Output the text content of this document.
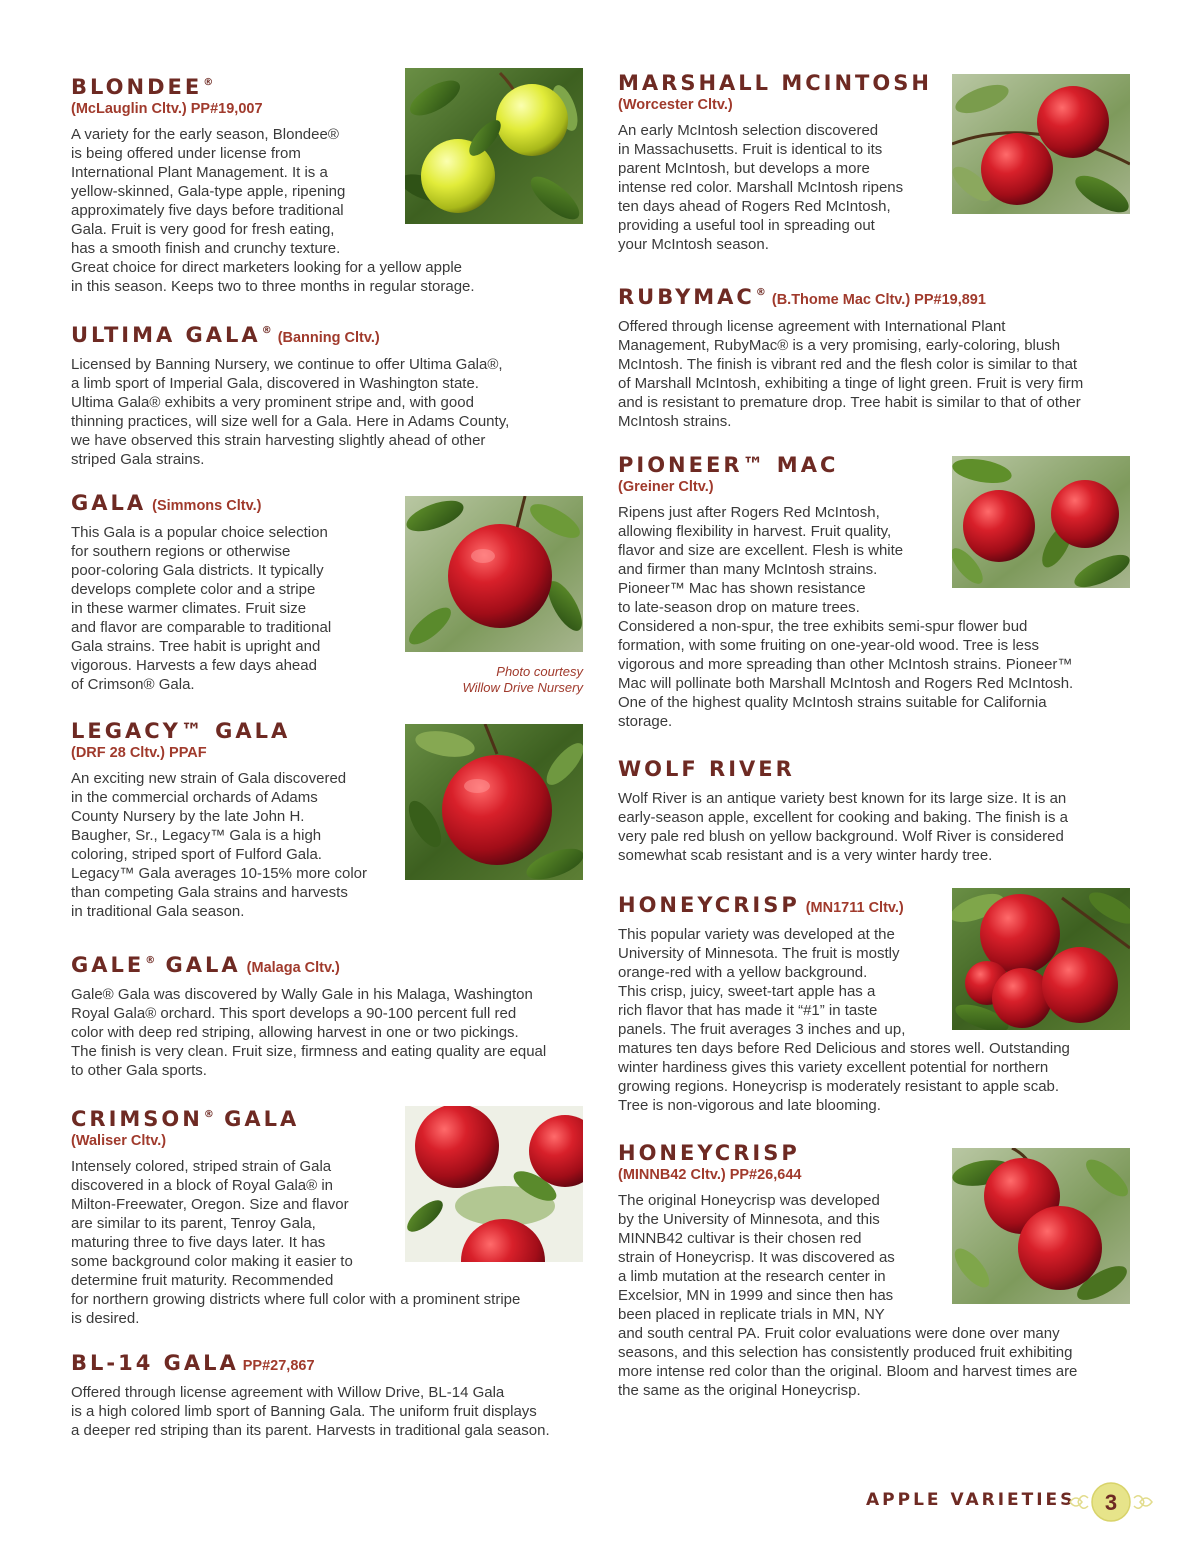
BLONDEE®
(McLauglin Cltv.) PP#19,007
A variety for the early season, Blondee®
is being offered under license from
International Plant Management. It is a
yellow-skinned, Gala-type apple, ripening
approximately five days before traditional
Gala. Fruit is very good for fresh eating,
has a smooth finish and crunchy texture.
Great choice for direct marketers looking for a yellow apple
in this season. Keeps two to three months in regular storage.
ULTIMA GALA® (Banning Cltv.)
Licensed by Banning Nursery, we continue to offer Ultima Gala®,
a limb sport of Imperial Gala, discovered in Washington state.
Ultima Gala® exhibits a very prominent stripe and, with good
thinning practices, will size well for a Gala. Here in Adams County,
we have observed this strain harvesting slightly ahead of other
striped Gala strains.
GALA (Simmons Cltv.)
This Gala is a popular choice selection
for southern regions or otherwise
poor-coloring Gala districts. It typically
develops complete color and a stripe
in these warmer climates. Fruit size
and flavor are comparable to traditional
Gala strains. Tree habit is upright and
vigorous. Harvests a few days ahead
of Crimson® Gala.
Photo courtesy
Willow Drive Nursery
LEGACY™ GALA
(DRF 28 Cltv.) PPAF
An exciting new strain of Gala discovered
in the commercial orchards of Adams
County Nursery by the late John H.
Baugher, Sr., Legacy™ Gala is a high
coloring, striped sport of Fulford Gala.
Legacy™ Gala averages 10-15% more color
than competing Gala strains and harvests
in traditional Gala season.
GALE® GALA (Malaga Cltv.)
Gale® Gala was discovered by Wally Gale in his Malaga, Washington
Royal Gala® orchard. This sport develops a 90-100 percent full red
color with deep red striping, allowing harvest in one or two pickings.
The finish is very clean. Fruit size, firmness and eating quality are equal
to other Gala sports.
CRIMSON® GALA
(Waliser Cltv.)
Intensely colored, striped strain of Gala
discovered in a block of Royal Gala® in
Milton-Freewater, Oregon. Size and flavor
are similar to its parent, Tenroy Gala,
maturing three to five days later. It has
some background color making it easier to
determine fruit maturity. Recommended
for northern growing districts where full color with a prominent stripe
is desired.
BL-14 GALA PP#27,867
Offered through license agreement with Willow Drive, BL-14 Gala
is a high colored limb sport of Banning Gala. The uniform fruit displays
a deeper red striping than its parent. Harvests in traditional gala season.
MARSHALL MCINTOSH
(Worcester Cltv.)
An early McIntosh selection discovered
in Massachusetts. Fruit is identical to its
parent McIntosh, but develops a more
intense red color. Marshall McIntosh ripens
ten days ahead of Rogers Red McIntosh,
providing a useful tool in spreading out
your McIntosh season.
RUBYMAC® (B.Thome Mac Cltv.) PP#19,891
Offered through license agreement with International Plant
Management, RubyMac® is a very promising, early-coloring, blush
McIntosh. The finish is vibrant red and the flesh color is similar to that
of Marshall McIntosh, exhibiting a tinge of light green. Fruit is very firm
and is resistant to premature drop. Tree habit is similar to that of other
McIntosh strains.
PIONEER™ MAC
(Greiner Cltv.)
Ripens just after Rogers Red McIntosh,
allowing flexibility in harvest. Fruit quality,
flavor and size are excellent. Flesh is white
and firmer than many McIntosh strains.
Pioneer™ Mac has shown resistance
to late-season drop on mature trees.
Considered a non-spur, the tree exhibits semi-spur flower bud
formation, with some fruiting on one-year-old wood. Tree is less
vigorous and more spreading than other McIntosh strains. Pioneer™
Mac will pollinate both Marshall McIntosh and Rogers Red McIntosh.
One of the highest quality McIntosh strains suitable for California
storage.
WOLF RIVER
Wolf River is an antique variety best known for its large size. It is an
early-season apple, excellent for cooking and baking. The finish is a
very pale red blush on yellow background. Wolf River is considered
somewhat scab resistant and is a very winter hardy tree.
HONEYCRISP (MN1711 Cltv.)
This popular variety was developed at the
University of Minnesota. The fruit is mostly
orange-red with a yellow background.
This crisp, juicy, sweet-tart apple has a
rich flavor that has made it “#1” in taste
panels. The fruit averages 3 inches and up,
matures ten days before Red Delicious and stores well. Outstanding
winter hardiness gives this variety excellent potential for northern
growing regions. Honeycrisp is moderately resistant to apple scab.
Tree is non-vigorous and late blooming.
HONEYCRISP
(MINNB42 Cltv.) PP#26,644
The original Honeycrisp was developed
by the University of Minnesota, and this
MINNB42 cultivar is their chosen red
strain of Honeycrisp. It was discovered as
a limb mutation at the research center in
Excelsior, MN in 1999 and since then has
been placed in replicate trials in MN, NY
and south central PA. Fruit color evaluations were done over many
seasons, and this selection has consistently produced fruit exhibiting
more intense red color than the original. Bloom and harvest times are
the same as the original Honeycrisp.
APPLE VARIETIES	3
